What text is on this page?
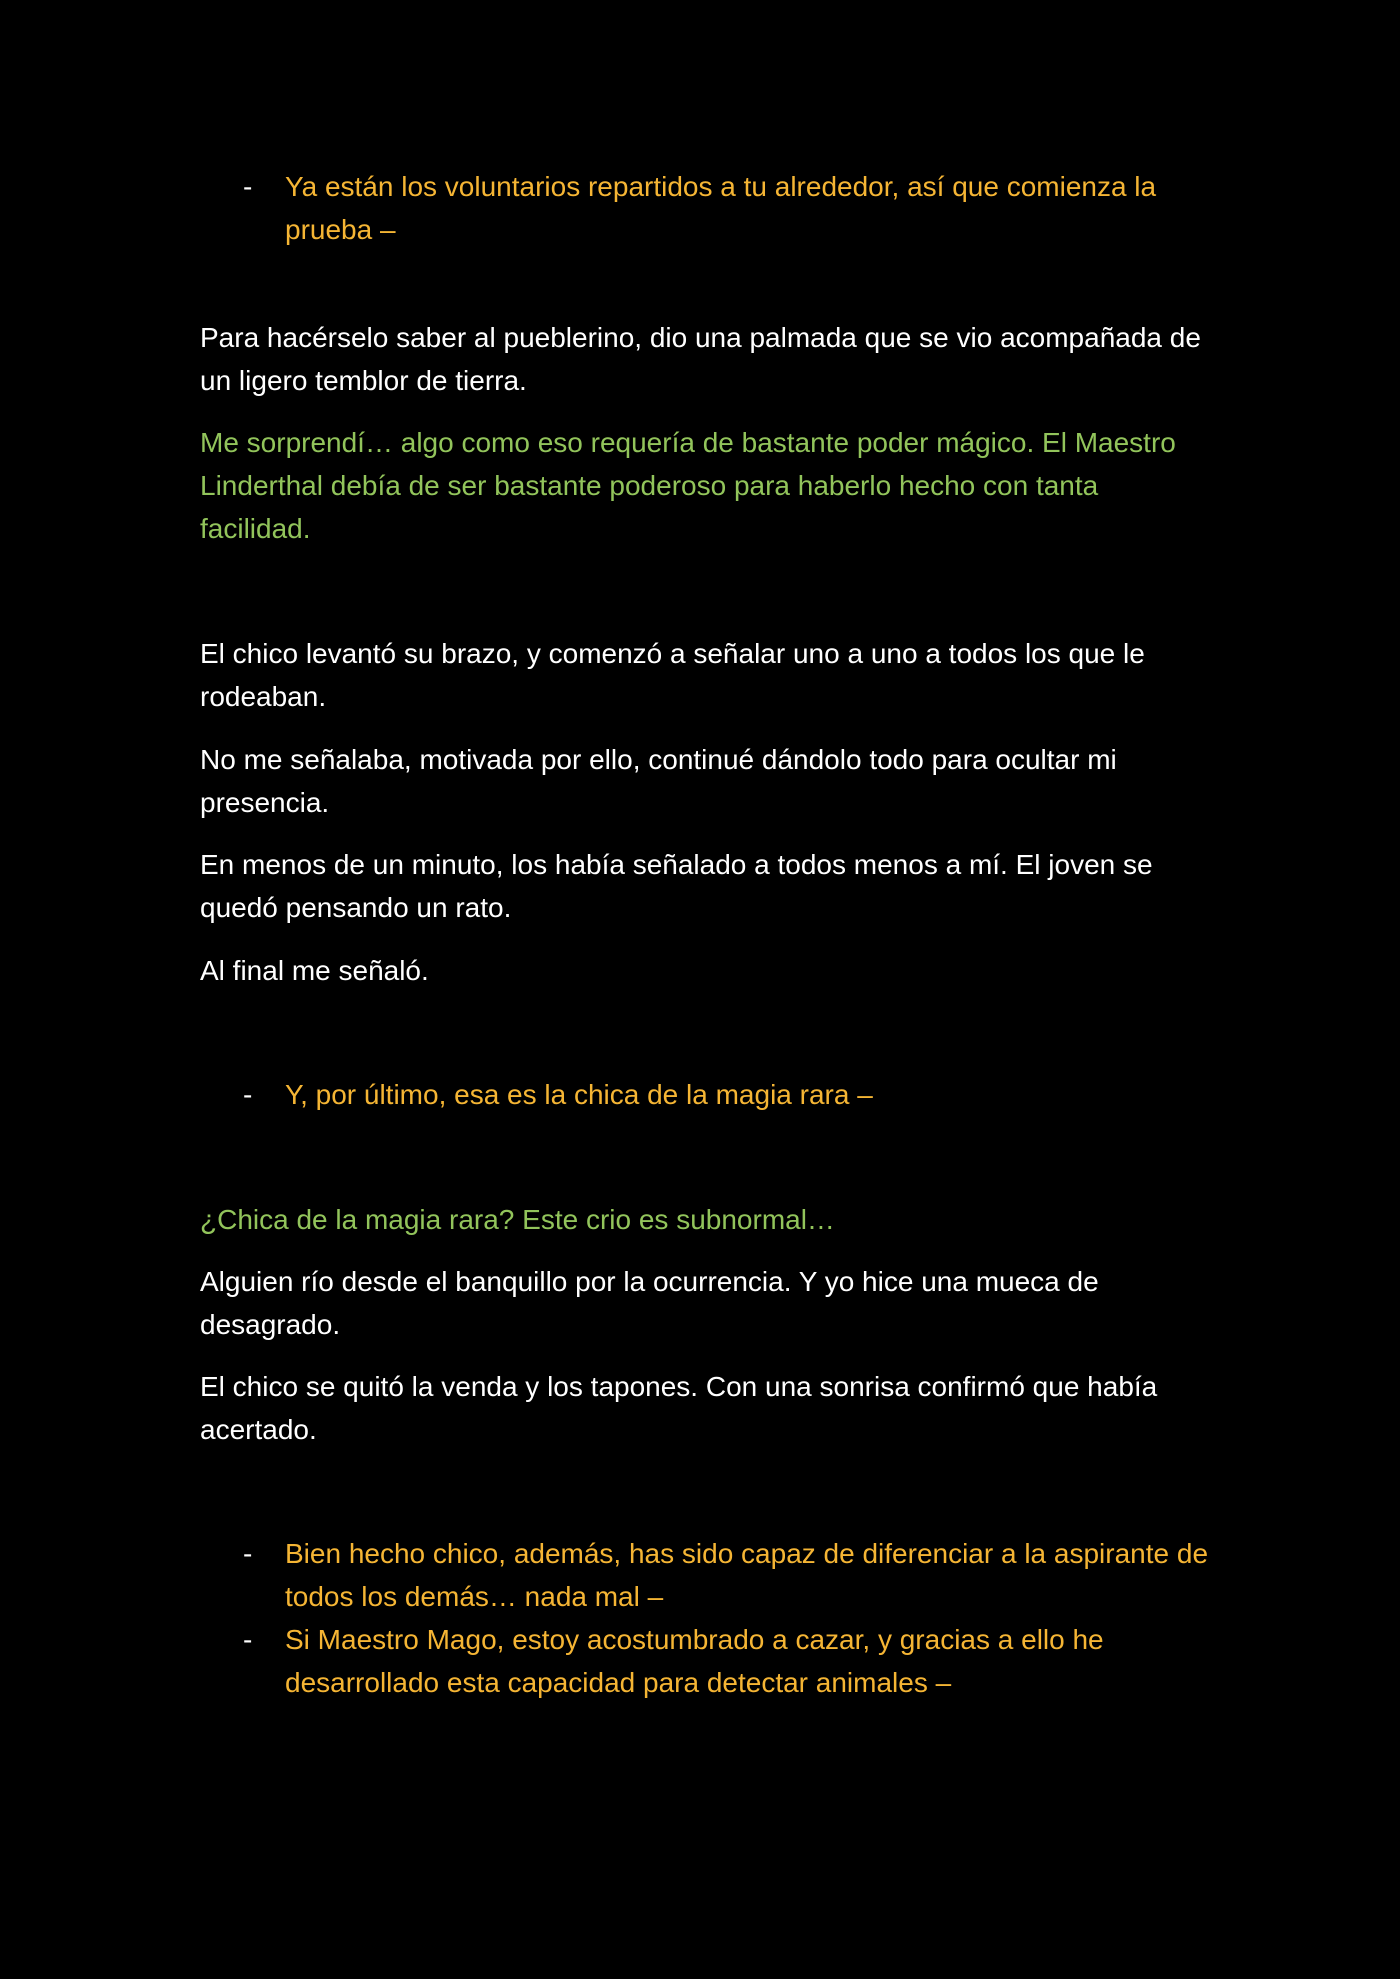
- Ya están los voluntarios repartidos a tu alrededor, así que comienza la prueba –

Para hacérselo saber al pueblerino, dio una palmada que se vio acompañada de un ligero temblor de tierra.

Me sorprendí… algo como eso requería de bastante poder mágico. El Maestro Linderthal debía de ser bastante poderoso para haberlo hecho con tanta facilidad.

El chico levantó su brazo, y comenzó a señalar uno a uno a todos los que le rodeaban.

No me señalaba, motivada por ello, continué dándolo todo para ocultar mi presencia.

En menos de un minuto, los había señalado a todos menos a mí. El joven se quedó pensando un rato.

Al final me señaló.

- Y, por último, esa es la chica de la magia rara –

¿Chica de la magia rara? Este crio es subnormal…

Alguien río desde el banquillo por la ocurrencia. Y yo hice una mueca de desagrado.

El chico se quitó la venda y los tapones. Con una sonrisa confirmó que había acertado.

- Bien hecho chico, además, has sido capaz de diferenciar a la aspirante de todos los demás… nada mal –
- Si Maestro Mago, estoy acostumbrado a cazar, y gracias a ello he desarrollado esta capacidad para detectar animales –
